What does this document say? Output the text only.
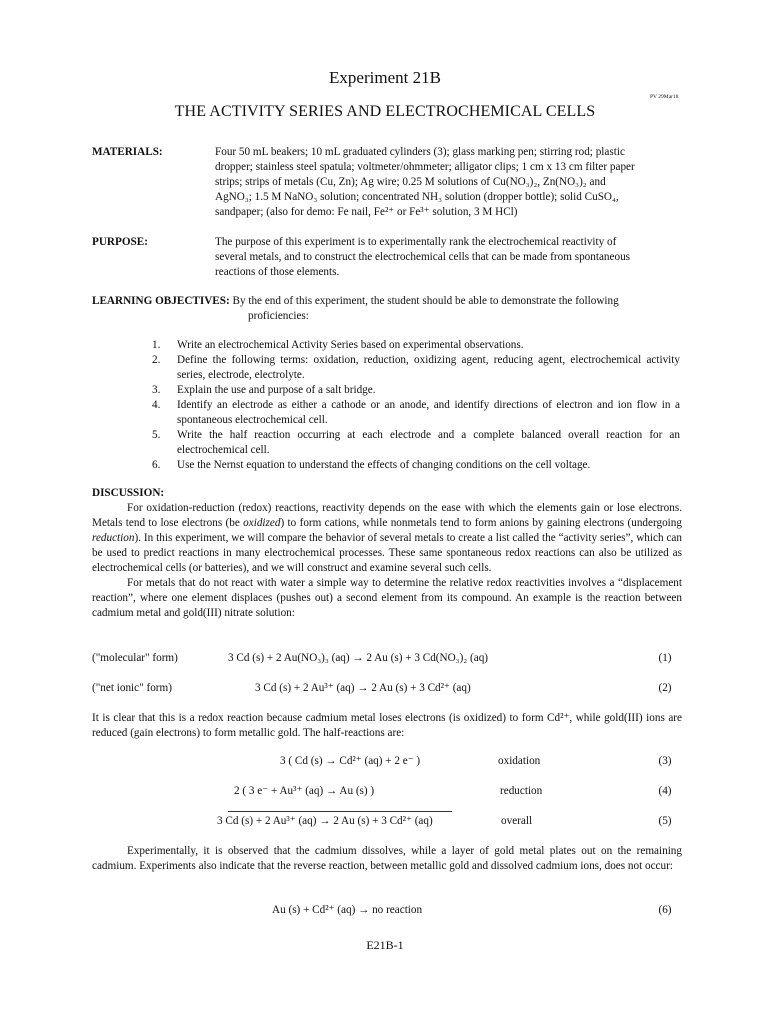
Experiment 21B
PV 29Mar18
THE ACTIVITY SERIES AND ELECTROCHEMICAL CELLS
MATERIALS:	Four 50 mL beakers; 10 mL graduated cylinders (3); glass marking pen; stirring rod; plastic
dropper; stainless steel spatula; voltmeter/ohmmeter; alligator clips; 1 cm x 13 cm filter paper
strips; strips of metals (Cu, Zn); Ag wire; 0.25 M solutions of Cu(NO₃)₂, Zn(NO₃)₂ and
AgNO₃; 1.5 M NaNO₃ solution; concentrated NH₃ solution (dropper bottle); solid CuSO₄,
sandpaper; (also for demo: Fe nail, Fe²⁺ or Fe³⁺ solution, 3 M HCl)
PURPOSE:	The purpose of this experiment is to experimentally rank the electrochemical reactivity of
several metals, and to construct the electrochemical cells that can be made from spontaneous
reactions of those elements.
LEARNING OBJECTIVES: By the end of this experiment, the student should be able to demonstrate the following
proficiencies:
1. Write an electrochemical Activity Series based on experimental observations.
2. Define the following terms: oxidation, reduction, oxidizing agent, reducing agent, electrochemical activity series, electrode, electrolyte.
3. Explain the use and purpose of a salt bridge.
4. Identify an electrode as either a cathode or an anode, and identify directions of electron and ion flow in a spontaneous electrochemical cell.
5. Write the half reaction occurring at each electrode and a complete balanced overall reaction for an electrochemical cell.
6. Use the Nernst equation to understand the effects of changing conditions on the cell voltage.
DISCUSSION:

For oxidation-reduction (redox) reactions, reactivity depends on the ease with which the elements gain or lose electrons. Metals tend to lose electrons (be oxidized) to form cations, while nonmetals tend to form anions by gaining electrons (undergoing reduction). In this experiment, we will compare the behavior of several metals to create a list called the “activity series”, which can be used to predict reactions in many electrochemical processes. These same spontaneous redox reactions can also be utilized as electrochemical cells (or batteries), and we will construct and examine several such cells.

For metals that do not react with water a simple way to determine the relative redox reactivities involves a “displacement reaction”, where one element displaces (pushes out) a second element from its compound. An example is the reaction between cadmium metal and gold(III) nitrate solution:

("molecular" form)	3 Cd (s) + 2 Au(NO₃)₃ (aq) → 2 Au (s) + 3 Cd(NO₃)₂ (aq)	(1)
("net ionic" form)	3 Cd (s) + 2 Au³⁺ (aq) → 2 Au (s) + 3 Cd²⁺ (aq)	(2)

It is clear that this is a redox reaction because cadmium metal loses electrons (is oxidized) to form Cd²⁺, while gold(III) ions are reduced (gain electrons) to form metallic gold. The half-reactions are:

3 ( Cd (s) → Cd²⁺ (aq) + 2 e⁻ )	oxidation	(3)
2 ( 3 e⁻ + Au³⁺ (aq) → Au (s) )	reduction	(4)
3 Cd (s) + 2 Au³⁺ (aq) → 2 Au (s) + 3 Cd²⁺ (aq)	overall	(5)

Experimentally, it is observed that the cadmium dissolves, while a layer of gold metal plates out on the remaining cadmium. Experiments also indicate that the reverse reaction, between metallic gold and dissolved cadmium ions, does not occur:

Au (s) + Cd²⁺ (aq) → no reaction	(6)
E21B-1
